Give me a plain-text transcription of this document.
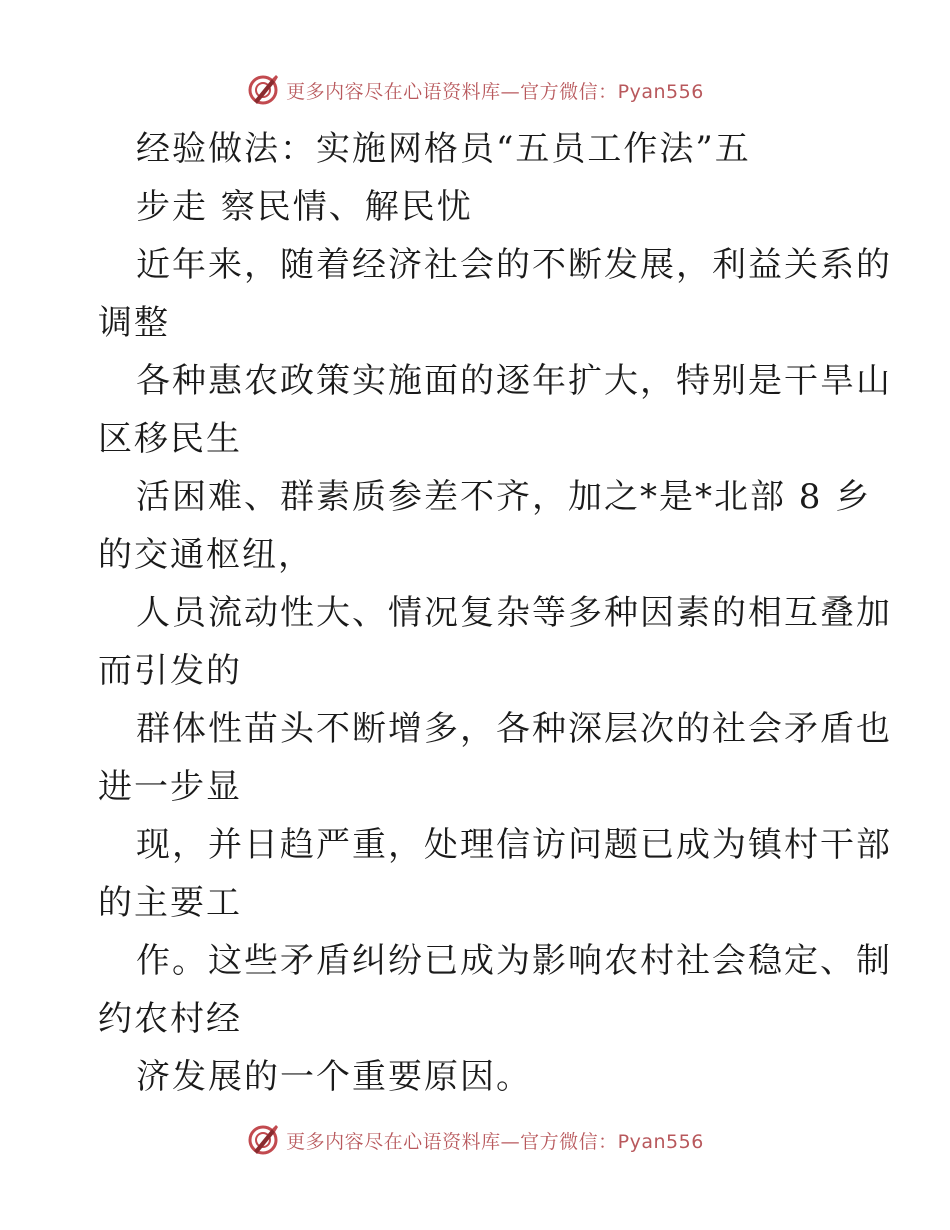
更多内容尽在心语资料库—官方微信：Pyan556
经验做法：实施网格员“五员工作法”五
步走 察民情、解民忧
近年来，随着经济社会的不断发展，利益关系的
调整
各种惠农政策实施面的逐年扩大，特别是干旱山
区移民生
活困难、群素质参差不齐，加之*是*北部 8 乡
的交通枢纽，
人员流动性大、情况复杂等多种因素的相互叠加
而引发的
群体性苗头不断增多，各种深层次的社会矛盾也
进一步显
现，并日趋严重，处理信访问题已成为镇村干部
的主要工
作。这些矛盾纠纷已成为影响农村社会稳定、制
约农村经
济发展的一个重要原因。
更多内容尽在心语资料库—官方微信：Pyan556
